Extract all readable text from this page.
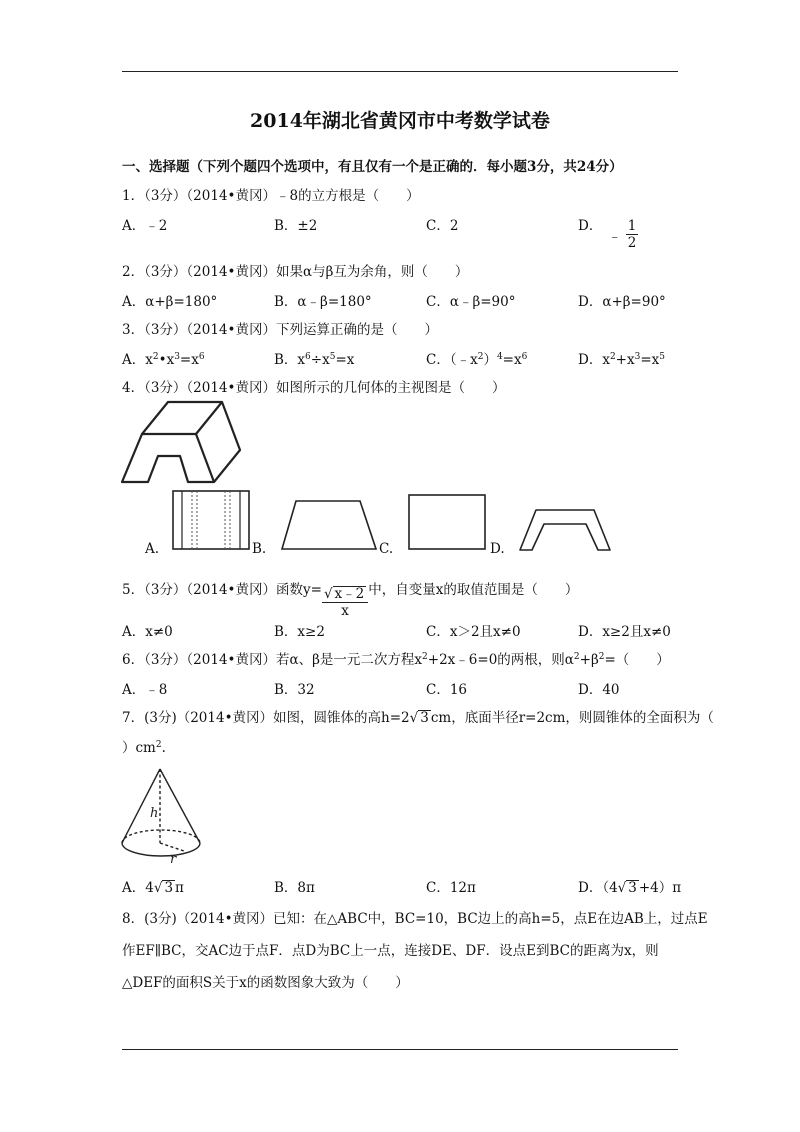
2014年湖北省黄冈市中考数学试卷
一、选择题（下列个题四个选项中，有且仅有一个是正确的．每小题3分，共24分）
1．（3分）（2014•黄冈）﹣8的立方根是（　　）
A．﹣2	B．±2	C．2	D．
﹣ $\frac{1}{2}$
2．（3分）（2014•黄冈）如果α与β互为余角，则（　　）
A．α+β=180°	B．α﹣β=180°	C．α﹣β=90°	D．α+β=90°
3．（3分）（2014•黄冈）下列运算正确的是（　　）
A．$x^2•x^3=x^6$	B．$x^6\div x^5=x$	C．$(﹣x^2)^4=x^6$	D．$x^2+x^3=x^5$
4．（3分）（2014•黄冈）如图所示的几何体的主视图是（　　）
A.	B.	C.	D.
5．（3分）（2014•黄冈）函数$y= \frac{√ x﹣2}{x}$ 中，自变量x的取值范围是（　　）
A．x≠0	B．x≥2	C．x＞2且x≠0	D．x≥2且x≠0
6．（3分）（2014•黄冈）若α、β是一元二次方程$x^2+2x﹣6=0$的两根，则$\alpha^2+\beta^2=$（　　）
A．﹣8	B．32	C．16	D．40
7．(3分)（2014•黄冈）如图，圆锥体的高h=2√ 3 cm，底面半径r=2cm，则圆锥体的全面积为（
）$cm^2$.
h
r
A．4√ 3 π	B．8π	C．12π	D．（4√ 3 +4）π
8．(3分)（2014•黄冈）已知：在△ABC中，BC=10，BC边上的高h=5，点E在边AB上，过点E
作EF∥BC，交AC边于点F．点D为BC上一点，连接DE、DF．设点E到BC的距离为x，则
△DEF的面积S关于x的函数图象大致为（　　）
